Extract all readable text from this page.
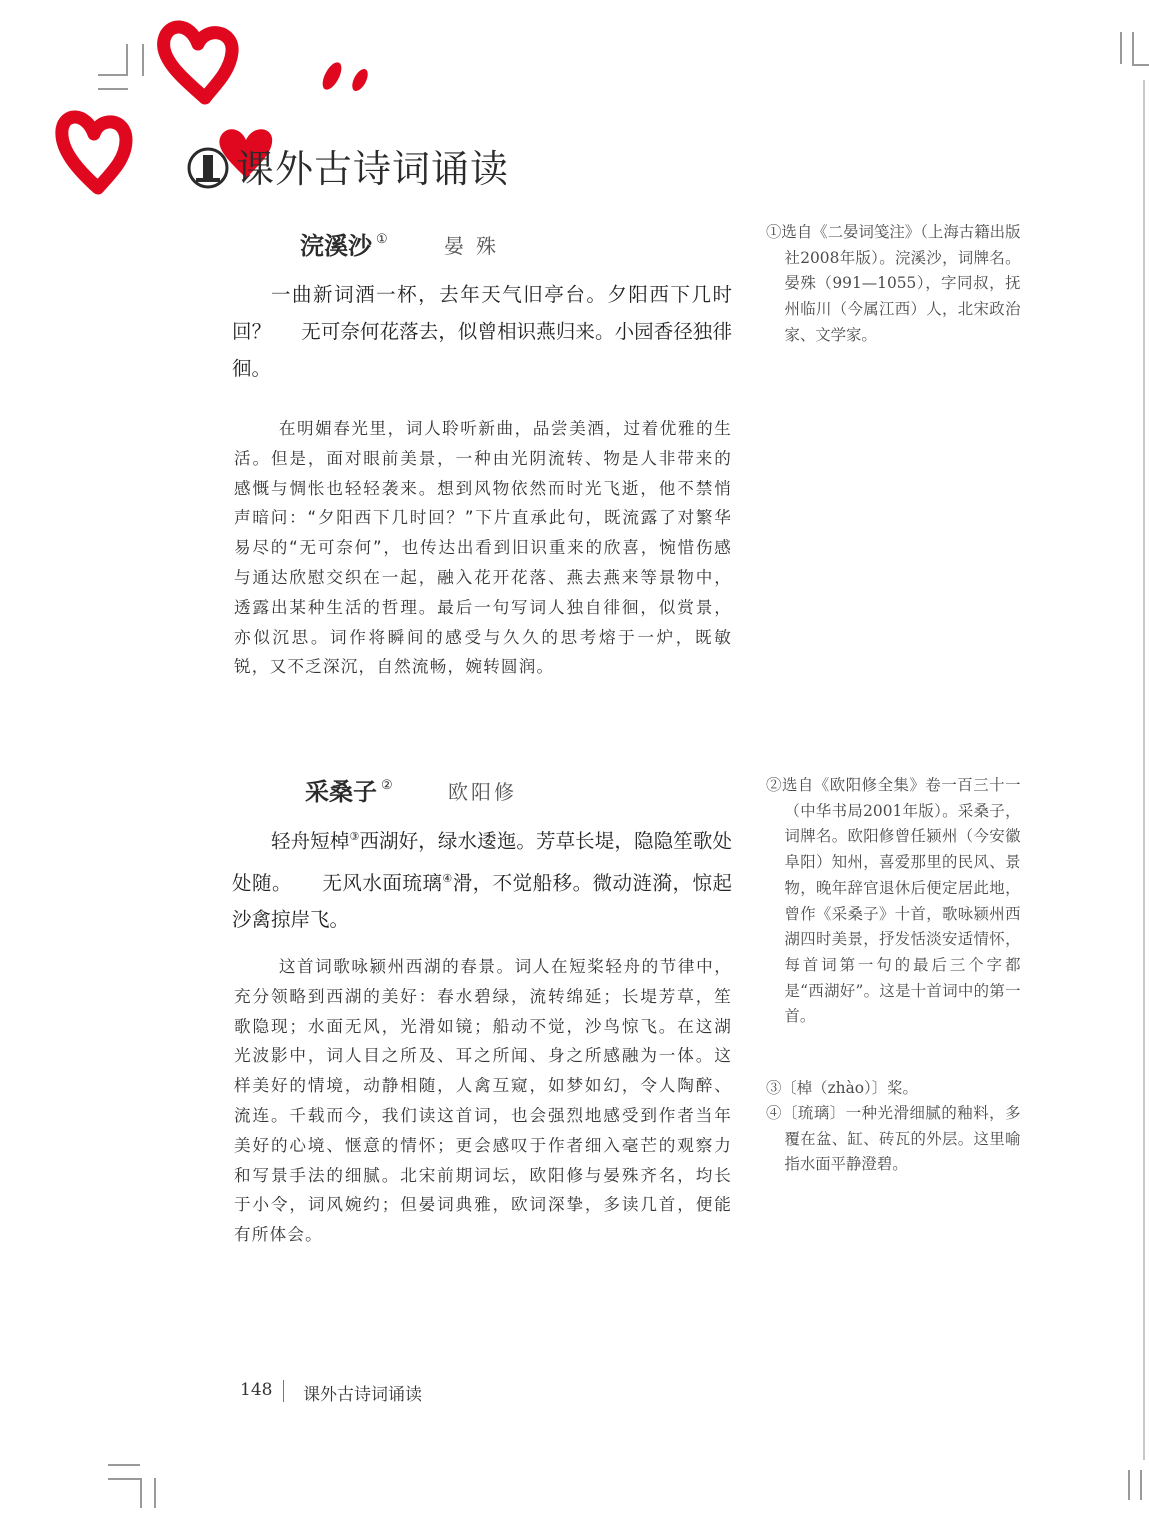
课外古诗词诵读
浣溪沙 ①	晏殊

一曲新词酒一杯，去年天气旧亭台。夕阳西下几时回？ 无可奈何花落去，似曾相识燕归来。小园香径独徘徊。

在明媚春光里，词人聆听新曲，品尝美酒，过着优雅的生活。但是，面对眼前美景，一种由光阴流转、物是人非带来的感慨与惆怅也轻轻袭来。想到风物依然而时光飞逝，他不禁悄声暗问：“夕阳西下几时回？”下片直承此句，既流露了对繁华易尽的“无可奈何”，也传达出看到旧识重来的欣喜，惋惜伤感与通达欣慰交织在一起，融入花开花落、燕去燕来等景物中，透露出某种生活的哲理。最后一句写词人独自徘徊，似赏景，亦似沉思。词作将瞬间的感受与久久的思考熔于一炉，既敏锐，又不乏深沉，自然流畅，婉转圆润。

采桑子 ②	欧阳修

轻舟短棹③西湖好，绿水逶迤。芳草长堤，隐隐笙歌处处随。 无风水面琉璃④滑，不觉船移。微动涟漪，惊起沙禽掠岸飞。

这首词歌咏颍州西湖的春景。词人在短桨轻舟的节律中，充分领略到西湖的美好：春水碧绿，流转绵延；长堤芳草，笙歌隐现；水面无风，光滑如镜；船动不觉，沙鸟惊飞。在这湖光波影中，词人目之所及、耳之所闻、身之所感融为一体。这样美好的情境，动静相随，人禽互窥，如梦如幻，令人陶醉、流连。千载而今，我们读这首词，也会强烈地感受到作者当年美好的心境、惬意的情怀；更会感叹于作者细入毫芒的观察力和写景手法的细腻。北宋前期词坛，欧阳修与晏殊齐名，均长于小令，词风婉约；但晏词典雅，欧词深挚，多读几首，便能有所体会。

①选自《二晏词笺注》（上海古籍出版社2008年版）。浣溪沙，词牌名。晏殊（991—1055），字同叔，抚州临川（今属江西）人，北宋政治家、文学家。

②选自《欧阳修全集》卷一百三十一（中华书局2001年版）。采桑子，词牌名。欧阳修曾任颍州（今安徽阜阳）知州，喜爱那里的民风、景物，晚年辞官退休后便定居此地，曾作《采桑子》十首，歌咏颍州西湖四时美景，抒发恬淡安适情怀，每首词第一句的最后三个字都是“西湖好”。这是十首词中的第一首。

③〔棹（zhào）〕桨。

④〔琉璃〕一种光滑细腻的釉料，多覆在盆、缸、砖瓦的外层。这里喻指水面平静澄碧。

148 课外古诗词诵读
